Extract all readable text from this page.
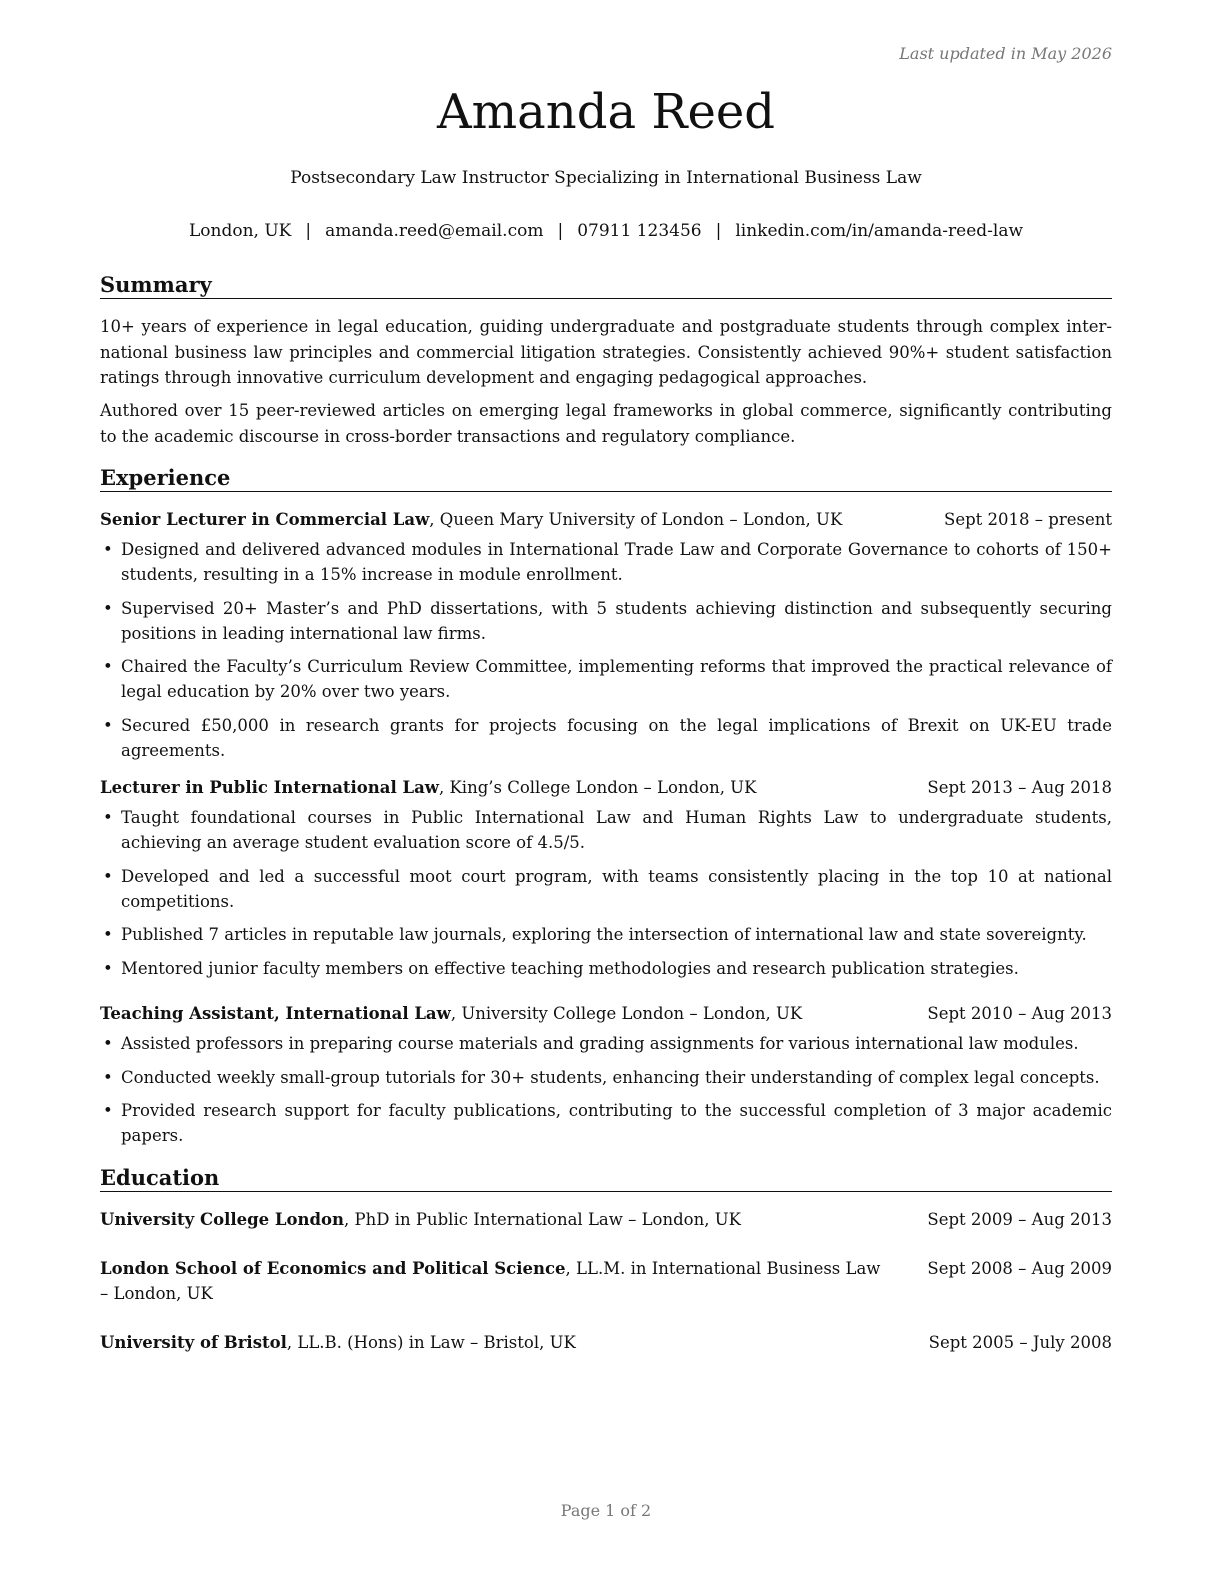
Last updated in May 2026
Amanda Reed
Postsecondary Law Instructor Specializing in International Business Law
London, UK | amanda.reed@email.com | 07911 123456 | linkedin.com/in/amanda-reed-law
Summary
10+ years of experience in legal education, guiding undergraduate and postgraduate students through complex international business law principles and commercial litigation strategies. Consistently achieved 90%+ student satisfaction ratings through innovative curriculum development and engaging pedagogical approaches.
Authored over 15 peer-reviewed articles on emerging legal frameworks in global commerce, significantly contributing to the academic discourse in cross-border transactions and regulatory compliance.
Experience
Senior Lecturer in Commercial Law, Queen Mary University of London – London, UK	Sept 2018 – present
• Designed and delivered advanced modules in International Trade Law and Corporate Governance to cohorts of 150+ students, resulting in a 15% increase in module enrollment.
• Supervised 20+ Master’s and PhD dissertations, with 5 students achieving distinction and subsequently securing positions in leading international law firms.
• Chaired the Faculty’s Curriculum Review Committee, implementing reforms that improved the practical relevance of legal education by 20% over two years.
• Secured £50,000 in research grants for projects focusing on the legal implications of Brexit on UK-EU trade agreements.
Lecturer in Public International Law, King’s College London – London, UK	Sept 2013 – Aug 2018
• Taught foundational courses in Public International Law and Human Rights Law to undergraduate students, achieving an average student evaluation score of 4.5/5.
• Developed and led a successful moot court program, with teams consistently placing in the top 10 at national competitions.
• Published 7 articles in reputable law journals, exploring the intersection of international law and state sovereignty.
• Mentored junior faculty members on effective teaching methodologies and research publication strategies.
Teaching Assistant, International Law, University College London – London, UK	Sept 2010 – Aug 2013
• Assisted professors in preparing course materials and grading assignments for various international law modules.
• Conducted weekly small-group tutorials for 30+ students, enhancing their understanding of complex legal concepts.
• Provided research support for faculty publications, contributing to the successful completion of 3 major academic papers.
Education
University College London, PhD in Public International Law – London, UK	Sept 2009 – Aug 2013
London School of Economics and Political Science, LL.M. in International Business Law – London, UK
Sept 2008 – Aug 2009
University of Bristol, LL.B. (Hons) in Law – Bristol, UK	Sept 2005 – July 2008
Page 1 of 2
